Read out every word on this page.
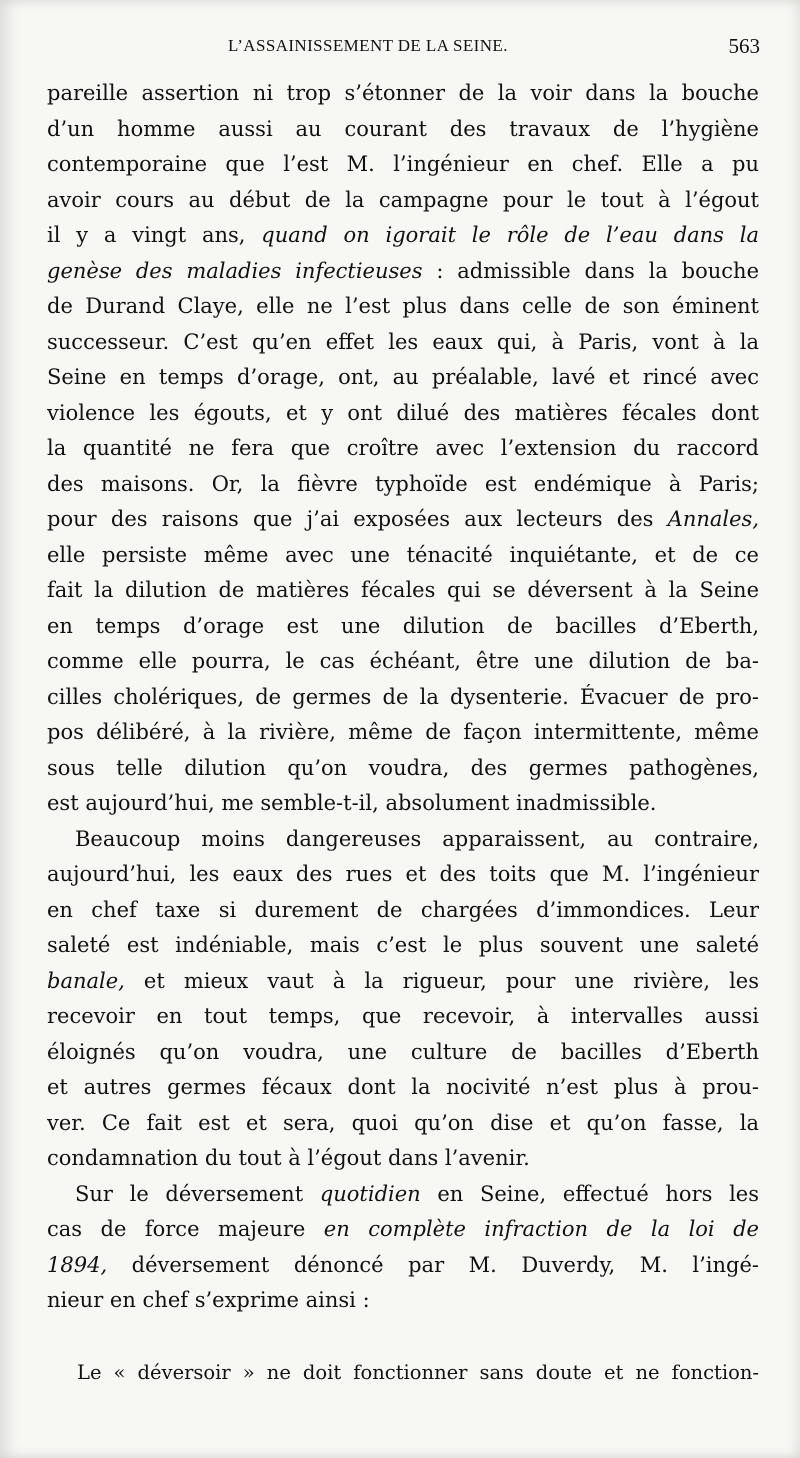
L’ASSAINISSEMENT DE LA SEINE.	563
pareille assertion ni trop s’étonner de la voir dans la bouche
d’un homme aussi au courant des travaux de l’hygiène
contemporaine que l’est M. l’ingénieur en chef. Elle a pu
avoir cours au début de la campagne pour le tout à l’égout
il y a vingt ans, quand on igorait le rôle de l’eau dans la
genèse des maladies infectieuses : admissible dans la bouche
de Durand Claye, elle ne l’est plus dans celle de son éminent
successeur. C’est qu’en effet les eaux qui, à Paris, vont à la
Seine en temps d’orage, ont, au préalable, lavé et rincé avec
violence les égouts, et y ont dilué des matières fécales dont
la quantité ne fera que croître avec l’extension du raccord
des maisons. Or, la fièvre typhoïde est endémique à Paris;
pour des raisons que j’ai exposées aux lecteurs des Annales,
elle persiste même avec une ténacité inquiétante, et de ce
fait la dilution de matières fécales qui se déversent à la Seine
en temps d’orage est une dilution de bacilles d’Eberth,
comme elle pourra, le cas échéant, être une dilution de ba-
cilles cholériques, de germes de la dysenterie. Évacuer de pro-
pos délibéré, à la rivière, même de façon intermittente, même
sous telle dilution qu’on voudra, des germes pathogènes,
est aujourd’hui, me semble-t-il, absolument inadmissible.
Beaucoup moins dangereuses apparaissent, au contraire,
aujourd’hui, les eaux des rues et des toits que M. l’ingénieur
en chef taxe si durement de chargées d’immondices. Leur
saleté est indéniable, mais c’est le plus souvent une saleté
banale, et mieux vaut à la rigueur, pour une rivière, les
recevoir en tout temps, que recevoir, à intervalles aussi
éloignés qu’on voudra, une culture de bacilles d’Eberth
et autres germes fécaux dont la nocivité n’est plus à prou-
ver. Ce fait est et sera, quoi qu’on dise et qu’on fasse, la
condamnation du tout à l’égout dans l’avenir.
Sur le déversement quotidien en Seine, effectué hors les
cas de force majeure en complète infraction de la loi de
1894, déversement dénoncé par M. Duverdy, M. l’ingé-
nieur en chef s’exprime ainsi :
Le « déversoir » ne doit fonctionner sans doute et ne fonction-
